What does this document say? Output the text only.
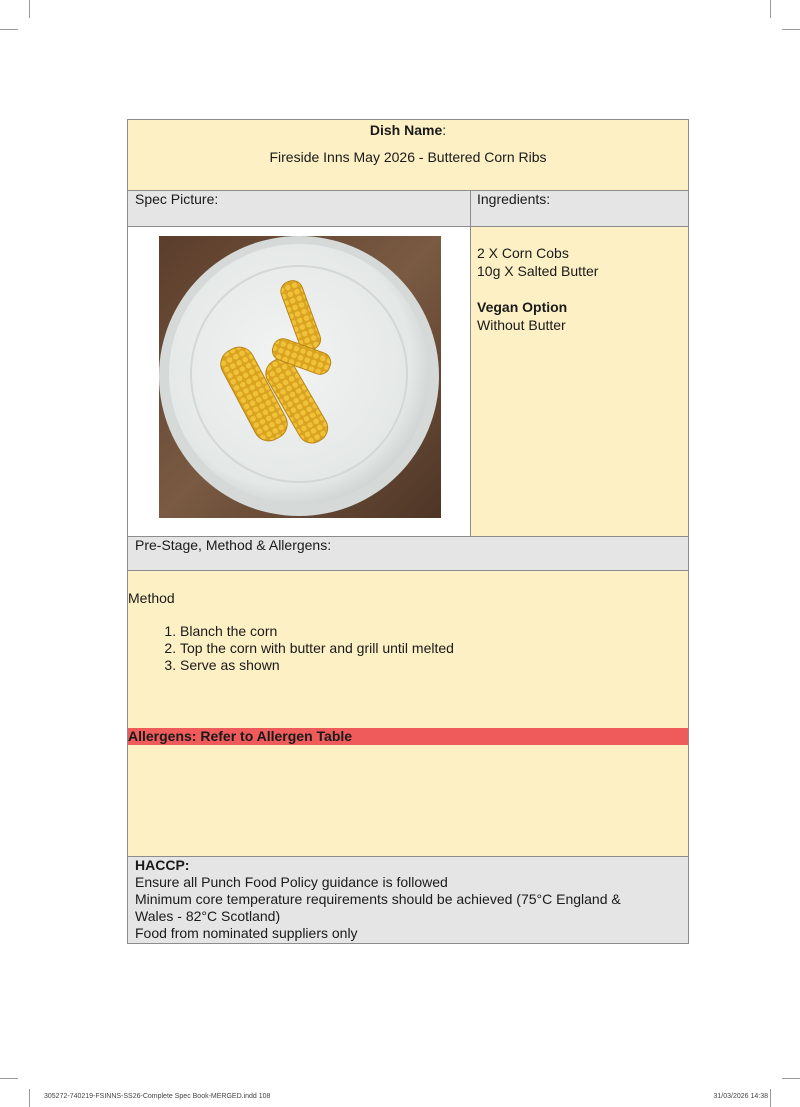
Dish Name:
Fireside Inns May 2026 - Buttered Corn Ribs
Spec Picture:	Ingredients:
2 X Corn Cobs
10g X Salted Butter
Vegan Option
Without Butter
Pre-Stage, Method & Allergens:
Method
1. Blanch the corn
2. Top the corn with butter and grill until melted
3. Serve as shown
Allergens: Refer to Allergen Table
HACCP:
Ensure all Punch Food Policy guidance is followed
Minimum core temperature requirements should be achieved (75°C England &
Wales - 82°C Scotland)
Food from nominated suppliers only
305272-740219-FSINNS-SS26-Complete Spec Book-MERGED.indd 108	31/03/2026 14:38
